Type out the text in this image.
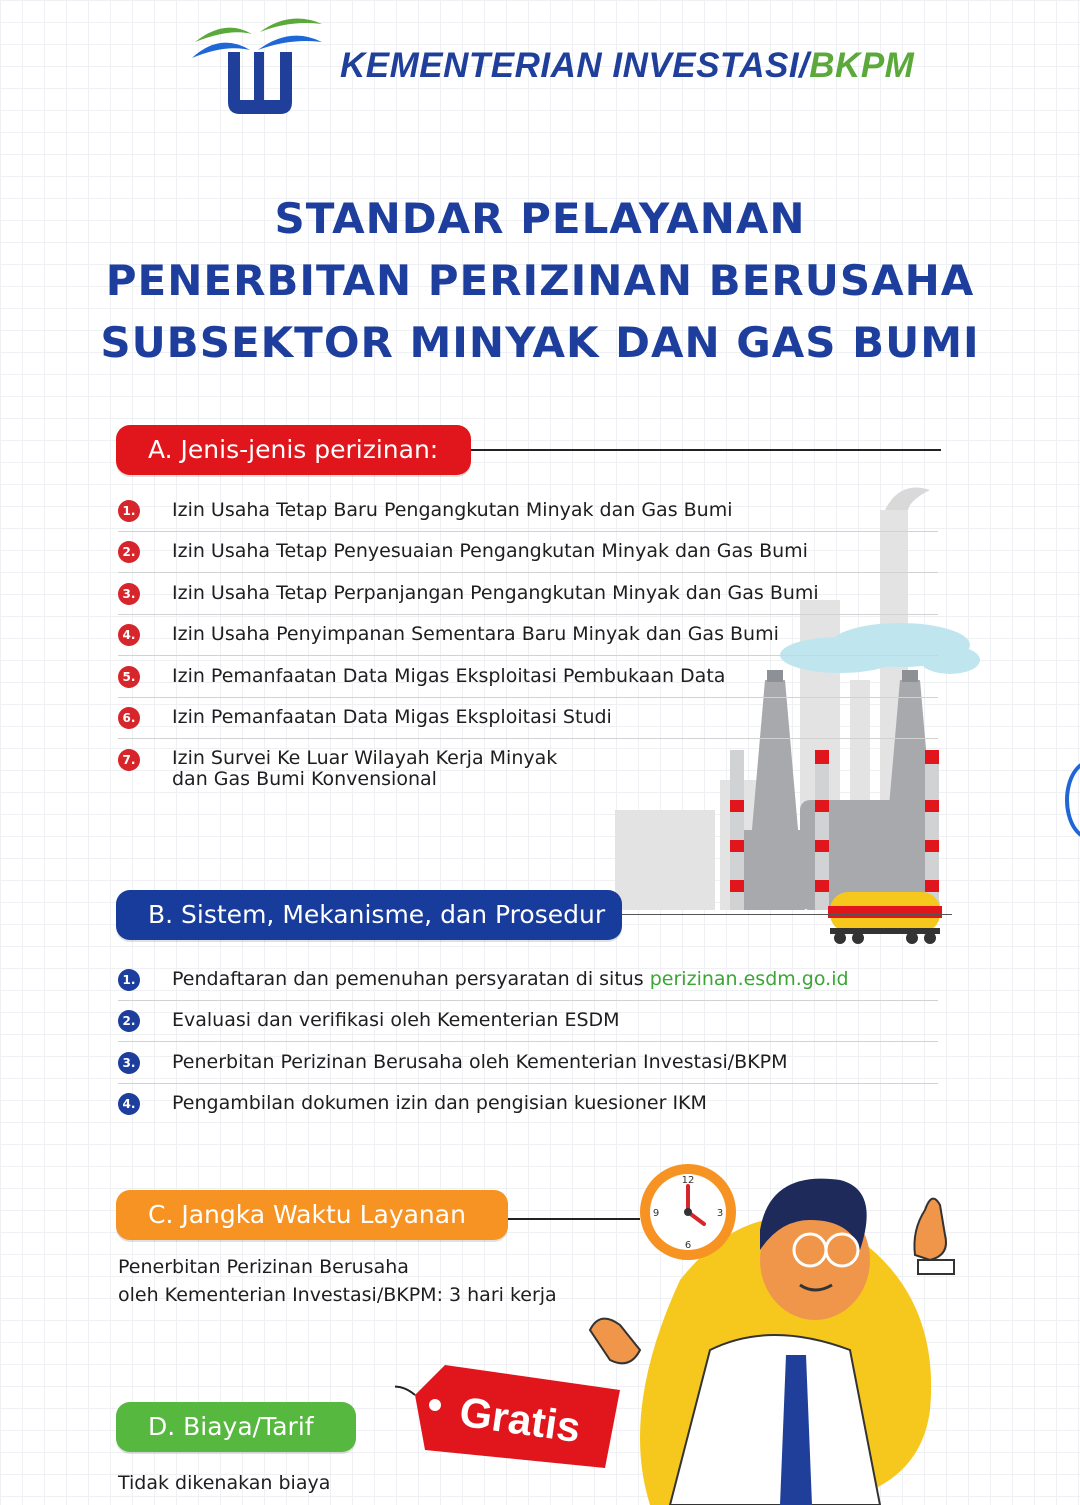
KEMENTERIAN INVESTASI/BKPM
STANDAR PELAYANAN
PENERBITAN PERIZINAN BERUSAHA
SUBSEKTOR MINYAK DAN GAS BUMI
A. Jenis-jenis perizinan:
1. Izin Usaha Tetap Baru Pengangkutan Minyak dan Gas Bumi
2. Izin Usaha Tetap Penyesuaian Pengangkutan Minyak dan Gas Bumi
3. Izin Usaha Tetap Perpanjangan Pengangkutan Minyak dan Gas Bumi
4. Izin Usaha Penyimpanan Sementara Baru Minyak dan Gas Bumi
5. Izin Pemanfaatan Data Migas Eksploitasi Pembukaan Data
6. Izin Pemanfaatan Data Migas Eksploitasi Studi
7. Izin Survei Ke Luar Wilayah Kerja Minyak
dan Gas Bumi Konvensional
B. Sistem, Mekanisme, dan Prosedur
1. Pendaftaran dan pemenuhan persyaratan di situs perizinan.esdm.go.id
2. Evaluasi dan verifikasi oleh Kementerian ESDM
3. Penerbitan Perizinan Berusaha oleh Kementerian Investasi/BKPM
4. Pengambilan dokumen izin dan pengisian kuesioner IKM
12
3
6
9
C. Jangka Waktu Layanan
Penerbitan Perizinan Berusaha
oleh Kementerian Investasi/BKPM: 3 hari kerja
D. Biaya/Tarif	Gratis
Tidak dikenakan biaya
